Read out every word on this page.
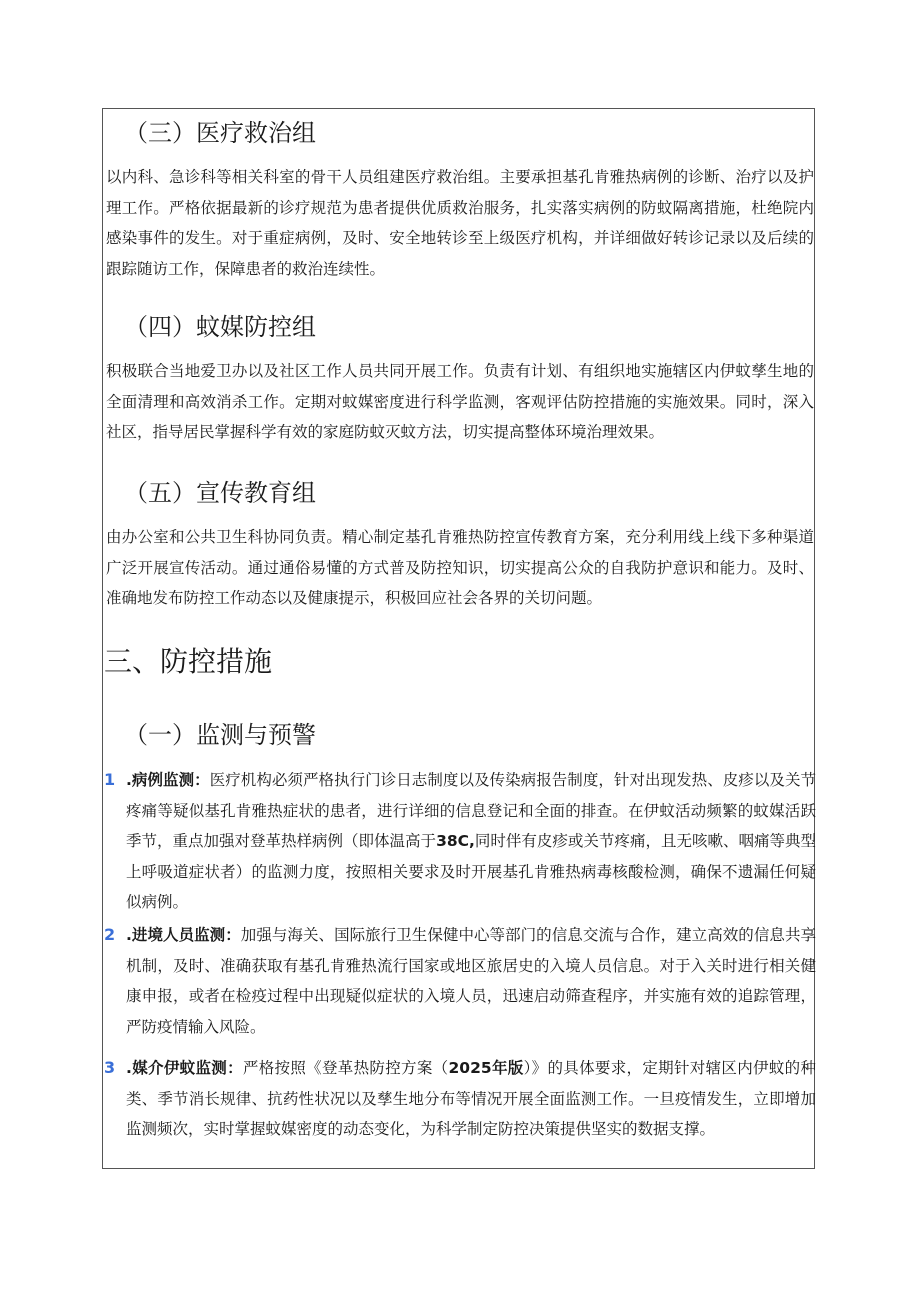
（三）医疗救治组

以内科、急诊科等相关科室的骨干人员组建医疗救治组。主要承担基孔肯雅热病例的诊断、治疗以及护理工作。严格依据最新的诊疗规范为患者提供优质救治服务，扎实落实病例的防蚊隔离措施，杜绝院内感染事件的发生。对于重症病例，及时、安全地转诊至上级医疗机构，并详细做好转诊记录以及后续的跟踪随访工作，保障患者的救治连续性。

（四）蚊媒防控组

积极联合当地爱卫办以及社区工作人员共同开展工作。负责有计划、有组织地实施辖区内伊蚊孳生地的全面清理和高效消杀工作。定期对蚊媒密度进行科学监测，客观评估防控措施的实施效果。同时，深入社区，指导居民掌握科学有效的家庭防蚊灭蚊方法，切实提高整体环境治理效果。

（五）宣传教育组

由办公室和公共卫生科协同负责。精心制定基孔肯雅热防控宣传教育方案，充分利用线上线下多种渠道广泛开展宣传活动。通过通俗易懂的方式普及防控知识，切实提高公众的自我防护意识和能力。及时、准确地发布防控工作动态以及健康提示，积极回应社会各界的关切问题。

三、防控措施
（一）监测与预警
1 .病例监测：医疗机构必须严格执行门诊日志制度以及传染病报告制度，针对出现发热、皮疹以及关节疼痛等疑似基孔肯雅热症状的患者，进行详细的信息登记和全面的排查。在伊蚊活动频繁的蚊媒活跃季节，重点加强对登革热样病例（即体温高于38C,同时伴有皮疹或关节疼痛，且无咳嗽、咽痛等典型上呼吸道症状者）的监测力度，按照相关要求及时开展基孔肯雅热病毒核酸检测，确保不遗漏任何疑似病例。

2 .进境人员监测：加强与海关、国际旅行卫生保健中心等部门的信息交流与合作，建立高效的信息共享机制，及时、准确获取有基孔肯雅热流行国家或地区旅居史的入境人员信息。对于入关时进行相关健康申报，或者在检疫过程中出现疑似症状的入境人员，迅速启动筛查程序，并实施有效的追踪管理，严防疫情输入风险。

3 .媒介伊蚊监测：严格按照《登革热防控方案（2025年版）》的具体要求，定期针对辖区内伊蚊的种类、季节消长规律、抗药性状况以及孳生地分布等情况开展全面监测工作。一旦疫情发生，立即增加监测频次，实时掌握蚊媒密度的动态变化，为科学制定防控决策提供坚实的数据支撑。
